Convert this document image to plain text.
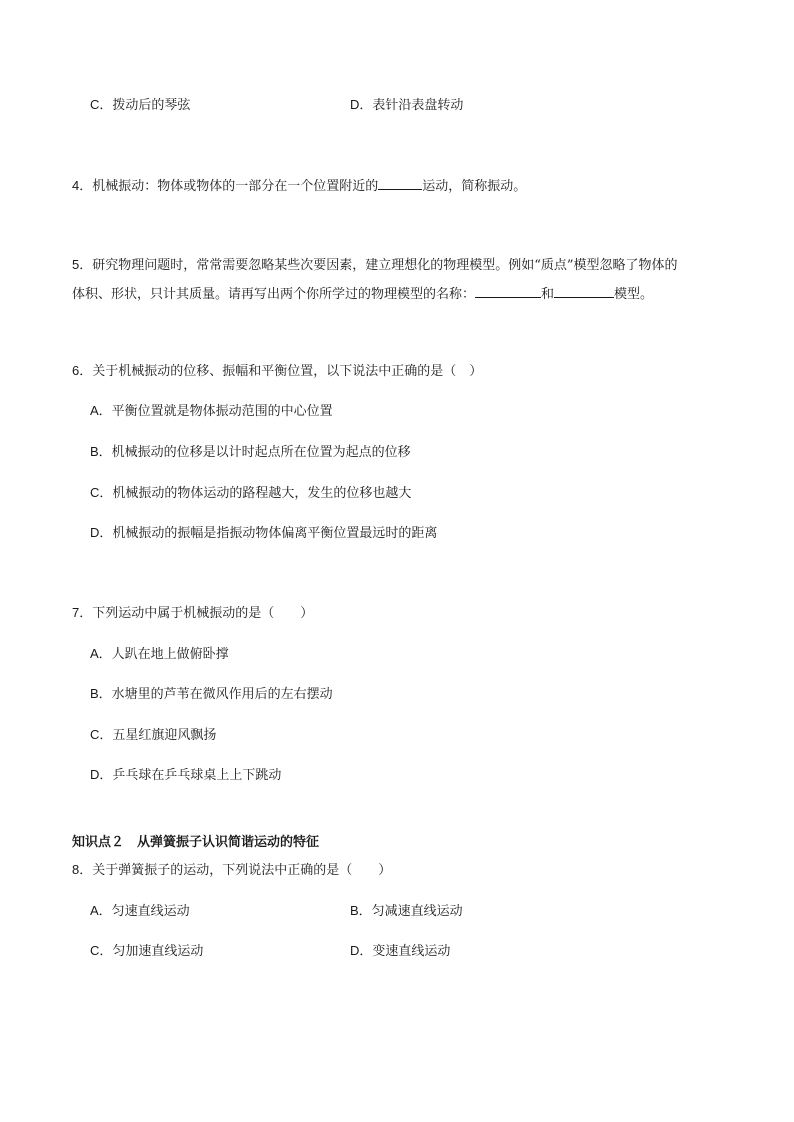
C．拨动后的琴弦	D．表针沿表盘转动
4．机械振动：物体或物体的一部分在一个位置附近的	运动，简称振动。
5．研究物理问题时，常常需要忽略某些次要因素，建立理想化的物理模型。例如“质点”模型忽略了物体的
体积、形状，只计其质量。请再写出两个你所学过的物理模型的名称：	和	模型。
6．关于机械振动的位移、振幅和平衡位置，以下说法中正确的是（　）
A．平衡位置就是物体振动范围的中心位置
B．机械振动的位移是以计时起点所在位置为起点的位移
C．机械振动的物体运动的路程越大，发生的位移也越大
D．机械振动的振幅是指振动物体偏离平衡位置最远时的距离
7．下列运动中属于机械振动的是（　　）
A．人趴在地上做俯卧撑
B．水塘里的芦苇在微风作用后的左右摆动
C．五星红旗迎风飘扬
D．乒乓球在乒乓球桌上上下跳动
知识点２　从弹簧振子认识简谐运动的特征
8．关于弹簧振子的运动，下列说法中正确的是（　　）
A．匀速直线运动	B．匀减速直线运动
C．匀加速直线运动	D．变速直线运动
